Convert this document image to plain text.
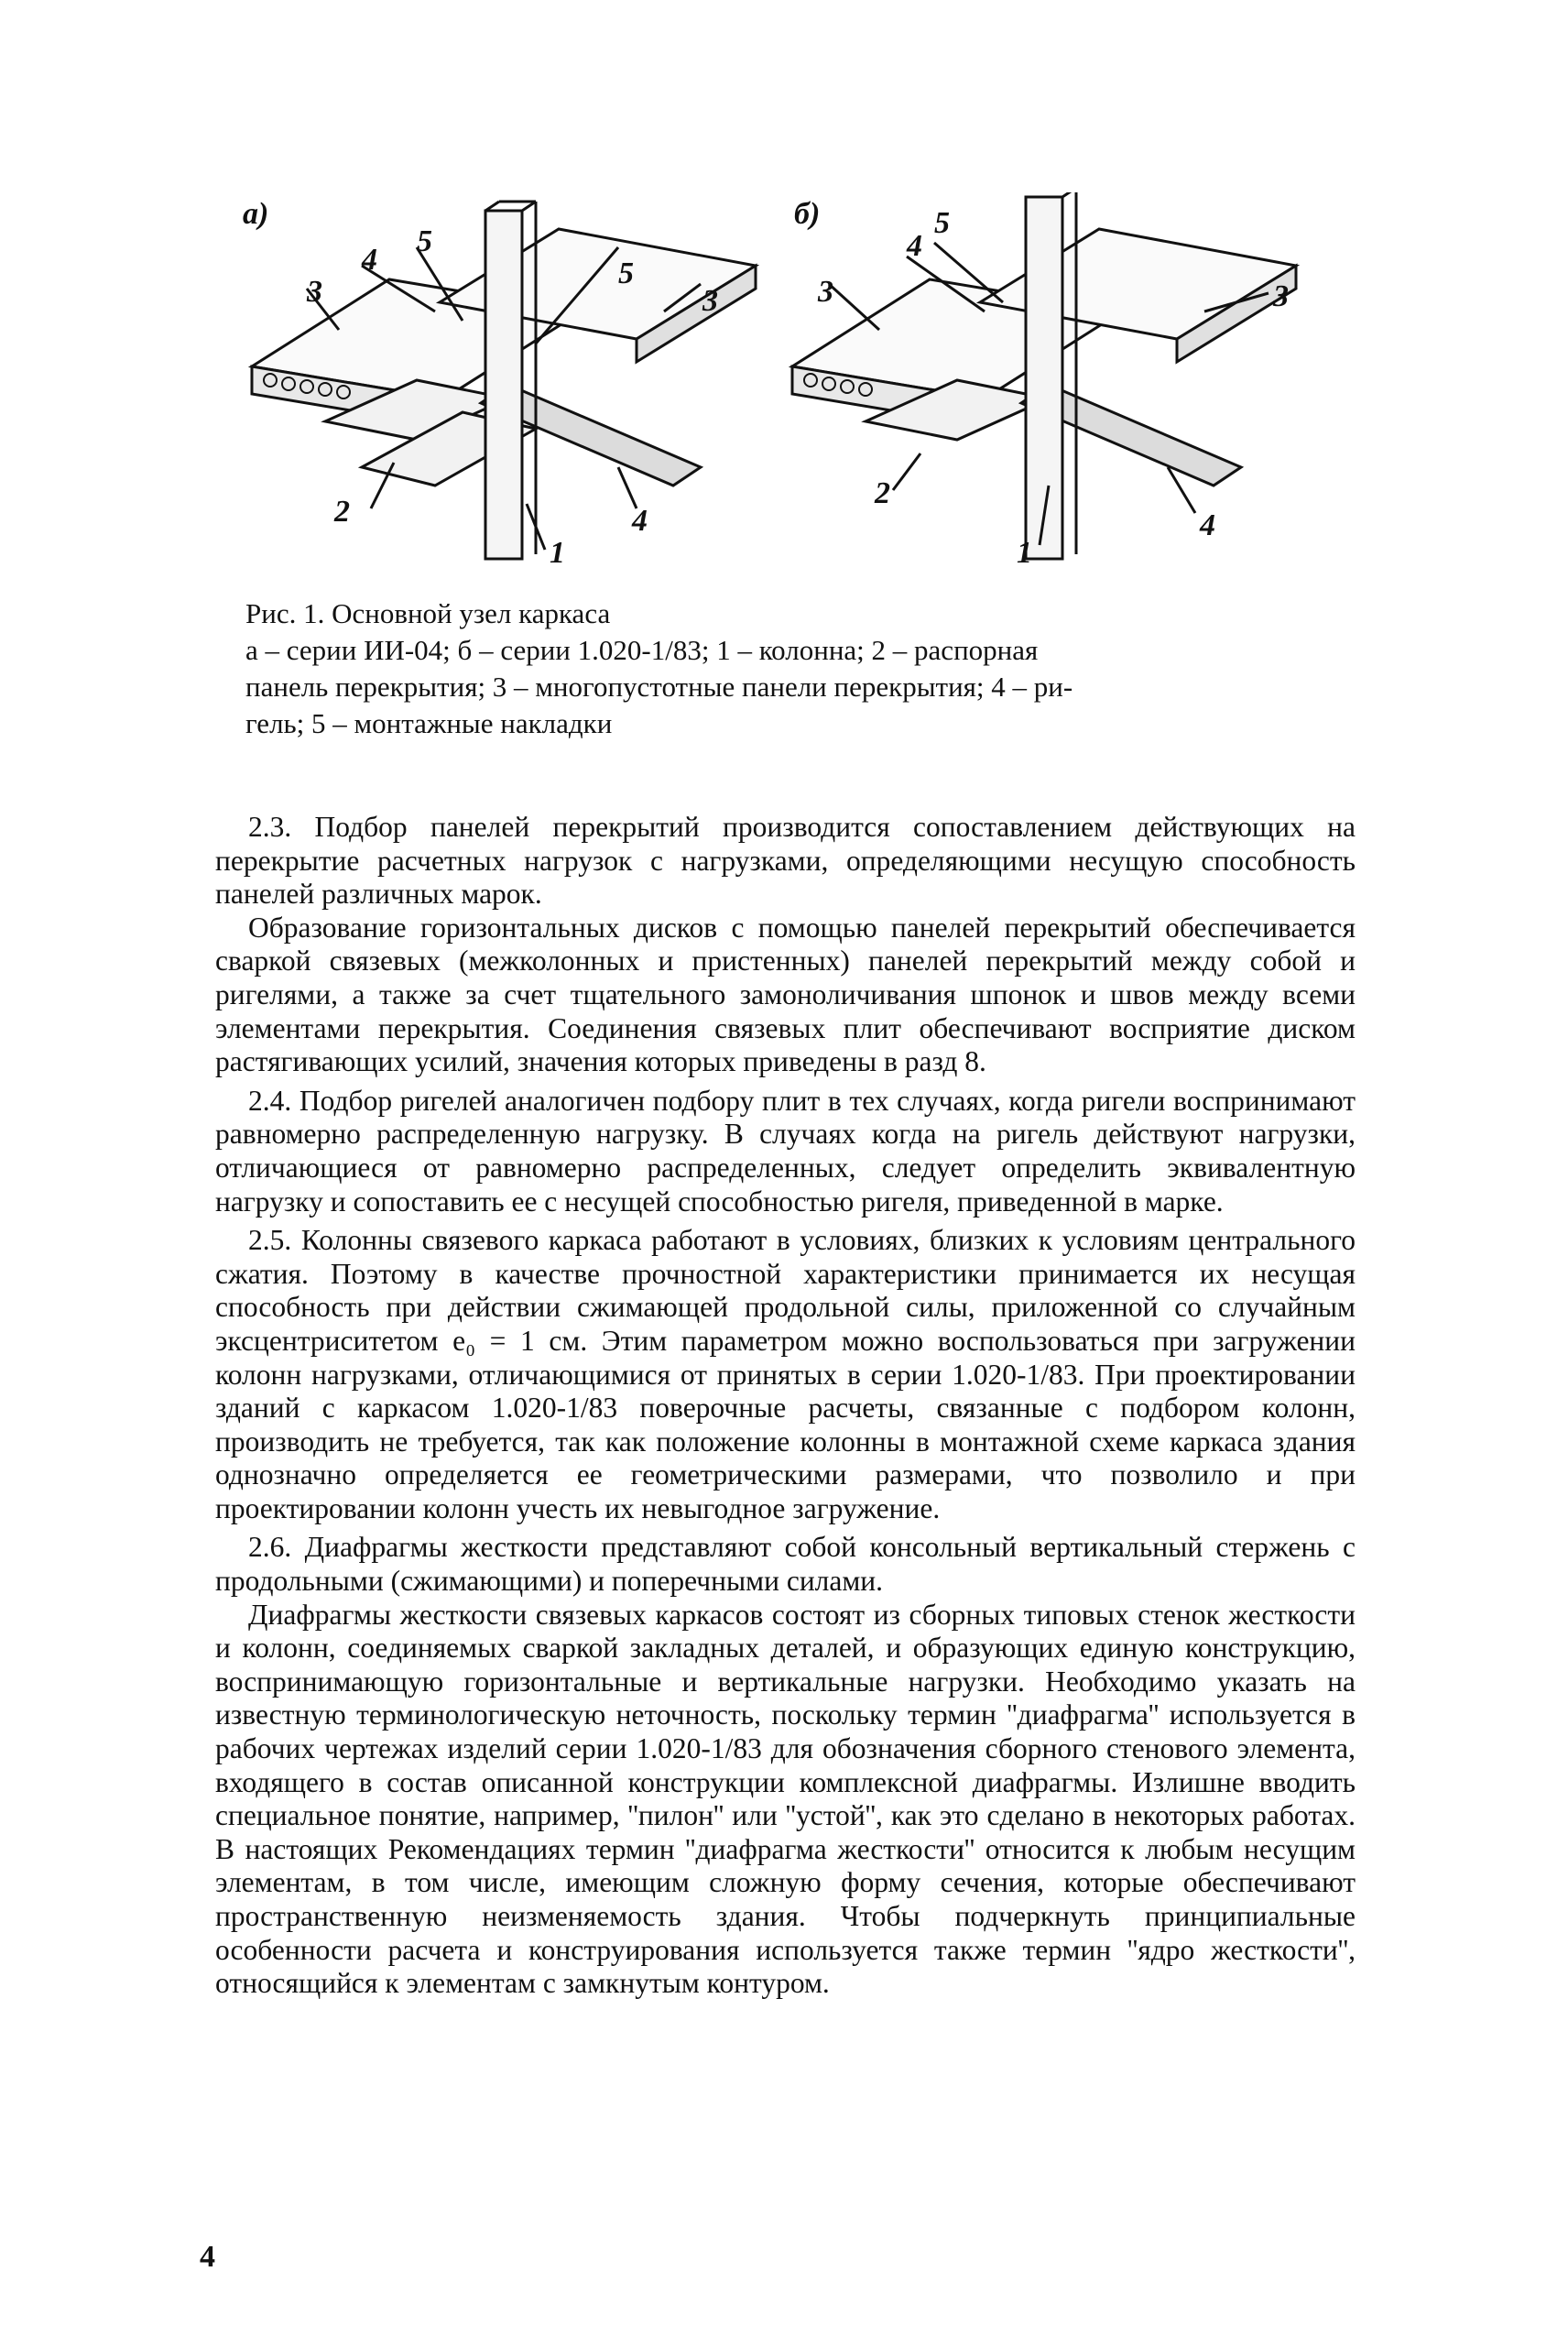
а)	б)
3
4
5
5
3
2
1
4
3
4
5
3
2
1
4

Рис. 1. Основной узел каркаса

а – серии ИИ-04; б – серии 1.020-1/83; 1 – колонна; 2 – распорная

панель перекрытия; 3 – многопустотные панели перекрытия; 4 – ри-

гель; 5 – монтажные накладки

2.3. Подбор панелей перекрытий производится сопоставлением действующих на перекрытие расчетных нагрузок с нагрузками, определяющими несущую способность панелей различных марок.

Образование горизонтальных дисков с помощью панелей перекрытий обеспечивается сваркой связевых (межколонных и пристенных) панелей перекрытий между собой и ригелями, а также за счет тщательного замоноличивания шпонок и швов между всеми элементами перекрытия. Соединения связевых плит обеспечивают восприятие диском растягивающих усилий, значения которых приведены в разд 8.

2.4. Подбор ригелей аналогичен подбору плит в тех случаях, когда ригели воспринимают равномерно распределенную нагрузку. В случаях когда на ригель действуют нагрузки, отличающиеся от равномерно распределенных, следует определить эквивалентную нагрузку и сопоставить ее с несущей способностью ригеля, приведенной в марке.

2.5. Колонны связевого каркаса работают в условиях, близких к условиям центрального сжатия. Поэтому в качестве прочностной характеристики принимается их несущая способность при действии сжимающей продольной силы, приложенной со случайным эксцентриситетом e₀ = 1 см. Этим параметром можно воспользоваться при загружении колонн нагрузками, отличающимися от принятых в серии 1.020-1/83. При проектировании зданий с каркасом 1.020-1/83 поверочные расчеты, связанные с подбором колонн, производить не требуется, так как положение колонны в монтажной схеме каркаса здания однозначно определяется ее геометрическими размерами, что позволило и при проектировании колонн учесть их невыгодное загружение.

2.6. Диафрагмы жесткости представляют собой консольный вертикальный стержень с продольными (сжимающими) и поперечными силами.

Диафрагмы жесткости связевых каркасов состоят из сборных типовых стенок жесткости и колонн, соединяемых сваркой закладных деталей, и образующих единую конструкцию, воспринимающую горизонтальные и вертикальные нагрузки. Необходимо указать на известную терминологическую неточность, поскольку термин ''диафрагма'' используется в рабочих чертежах изделий серии 1.020-1/83 для обозначения сборного стенового элемента, входящего в состав описанной конструкции комплексной диафрагмы. Излишне вводить специальное понятие, например, ''пилон'' или ''устой'', как это сделано в некоторых работах. В настоящих Рекомендациях термин ''диафрагма жесткости'' относится к любым несущим элементам, в том числе, имеющим сложную форму сечения, которые обеспечивают пространственную неизменяемость здания. Чтобы подчеркнуть принципиальные особенности расчета и конструирования используется также термин ''ядро жесткости'', относящийся к элементам с замкнутым контуром.

4
